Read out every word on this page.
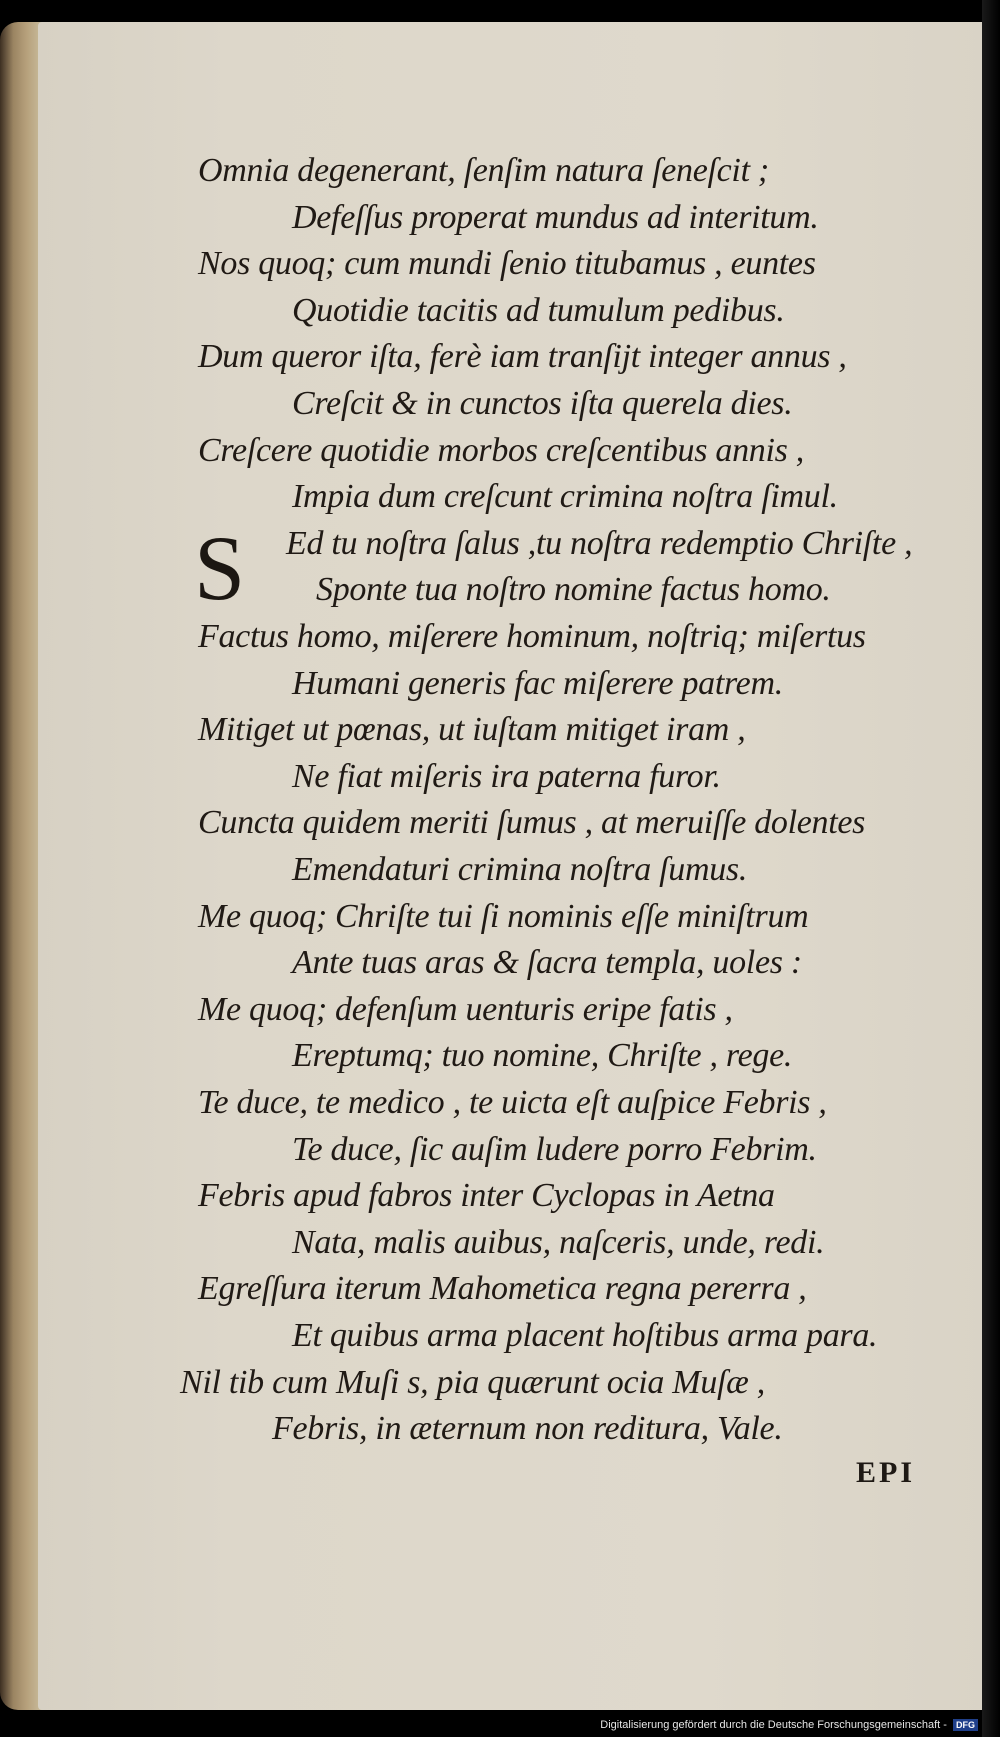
Omnia degenerant, ſenſim natura ſeneſcit ;
Defeſſus properat mundus ad interitum.
Nos quoq; cum mundi ſenio titubamus , euntes
Quotidie tacitis ad tumulum pedibus.
Dum queror iſta, ferè iam tranſijt integer annus ,
Creſcit & in cunctos iſta querela dies.
Creſcere quotidie morbos creſcentibus annis ,
Impia dum creſcunt crimina noſtra ſimul.
Ed tu noſtra ſalus ,tu noſtra redemptio Chriſte ,
Sponte tua noſtro nomine factus homo.
Factus homo, miſerere hominum, noſtriq; miſertus
Humani generis fac miſerere patrem.
Mitiget ut pœnas, ut iuſtam mitiget iram ,
Ne fiat miſeris ira paterna furor.
Cuncta quidem meriti ſumus , at meruiſſe dolentes
Emendaturi crimina noſtra ſumus.
Me quoq; Chriſte tui ſi nominis eſſe miniſtrum
Ante tuas aras & ſacra templa, uoles :
Me quoq; defenſum uenturis eripe fatis ,
Ereptumq; tuo nomine, Chriſte , rege.
Te duce, te medico , te uicta eſt auſpice Febris ,
Te duce, ſic auſim ludere porro Febrim.
Febris apud fabros inter Cyclopas in Aetna
Nata, malis auibus, naſceris, unde, redi.
Egreſſura iterum Mahometica regna pererra ,
Et quibus arma placent hoſtibus arma para.
Nil tib cum Muſi s, pia quærunt ocia Muſæ ,
Febris, in æternum non reditura, Vale.
S
EPI
Digitalisierung gefördert durch die Deutsche Forschungsgemeinschaft - DFG
